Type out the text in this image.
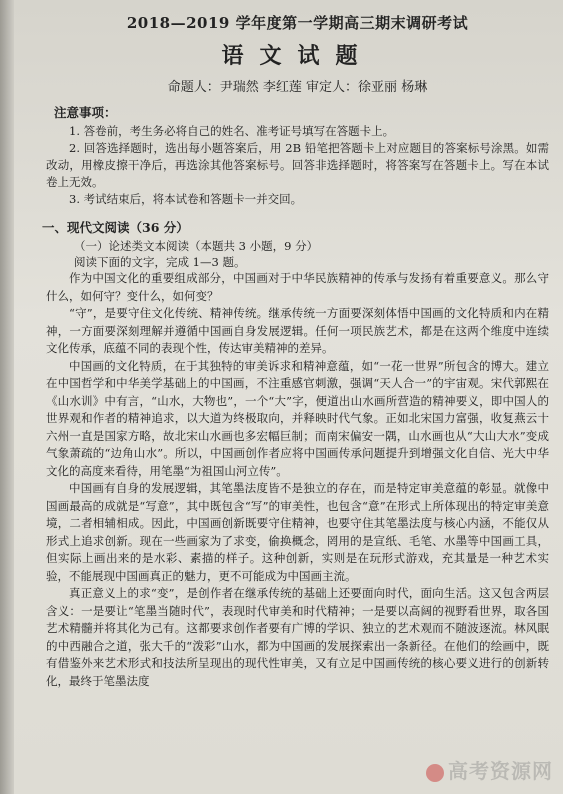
2018—2019 学年度第一学期高三期末调研考试
语文试题
命题人：尹瑞然 李红莲 审定人：徐亚丽 杨琳
注意事项：

1. 答卷前，考生务必将自己的姓名、准考证号填写在答题卡上。

2. 回答选择题时，选出每小题答案后，用 2B 铅笔把答题卡上对应题目的答案标号涂黑。如需改动，用橡皮擦干净后，再选涂其他答案标号。回答非选择题时，将答案写在答题卡上。写在本试卷上无效。

3. 考试结束后，将本试卷和答题卡一并交回。

一、现代文阅读（36 分）
（一）论述类文本阅读（本题共 3 小题，9 分）
阅读下面的文字，完成 1—3 题。

作为中国文化的重要组成部分，中国画对于中华民族精神的传承与发扬有着重要意义。那么守什么，如何守？变什么，如何变？

“守”，是要守住文化传统、精神传统。继承传统一方面要深刻体悟中国画的文化特质和内在精神，一方面要深刻理解并遵循中国画自身发展逻辑。任何一项民族艺术，都是在这两个维度中连续文化传承，底蕴不同的表现个性，传达审美精神的差异。

中国画的文化特质，在于其独特的审美诉求和精神意蕴，如“一花一世界”所包含的博大。建立在中国哲学和中华美学基础上的中国画，不注重感官刺激，强调“天人合一”的宇宙观。宋代郭熙在《山水训》中有言，“山水，大物也”，一个“大”字，便道出山水画所营造的精神要义，即中国人的世界观和作者的精神追求，以大道为终极取向，并释映时代气象。正如北宋国力富强，收复燕云十六州一直是国家方略，故北宋山水画也多宏幅巨制；而南宋偏安一隅，山水画也从“大山大水”变成气象萧疏的“边角山水”。所以，中国画创作者应将中国画传承问题提升到增强文化自信、光大中华文化的高度来看待，用笔墨“为祖国山河立传”。

中国画有自身的发展逻辑，其笔墨法度皆不是独立的存在，而是特定审美意蕴的彰显。就像中国画最高的成就是“写意”，其中既包含“写”的审美性，也包含“意”在形式上所体现出的特定审美意境，二者相辅相成。因此，中国画创新既要守住精神，也要守住其笔墨法度与核心内涵，不能仅从形式上追求创新。现在一些画家为了求变，偷换概念，罔用的是宣纸、毛笔、水墨等中国画工具，但实际上画出来的是水彩、素描的样子。这种创新，实则是在玩形式游戏，充其量是一种艺术实验，不能展现中国画真正的魅力，更不可能成为中国画主流。

真正意义上的求“变”，是创作者在继承传统的基础上还要面向时代，面向生活。这又包含两层含义：一是要让“笔墨当随时代”，表现时代审美和时代精神；一是要以高阔的视野看世界，取各国艺术精髓并将其化为己有。这都要求创作者要有广博的学识、独立的艺术观而不随波逐流。林风眠的中西融合之道，张大千的“泼彩”山水，都为中国画的发展探索出一条新径。在他们的绘画中，既有借鉴外来艺术形式和技法所呈现出的现代性审美，又有立足中国画传统的核心要义进行的创新转化，最终于笔墨法度

高考资源网
